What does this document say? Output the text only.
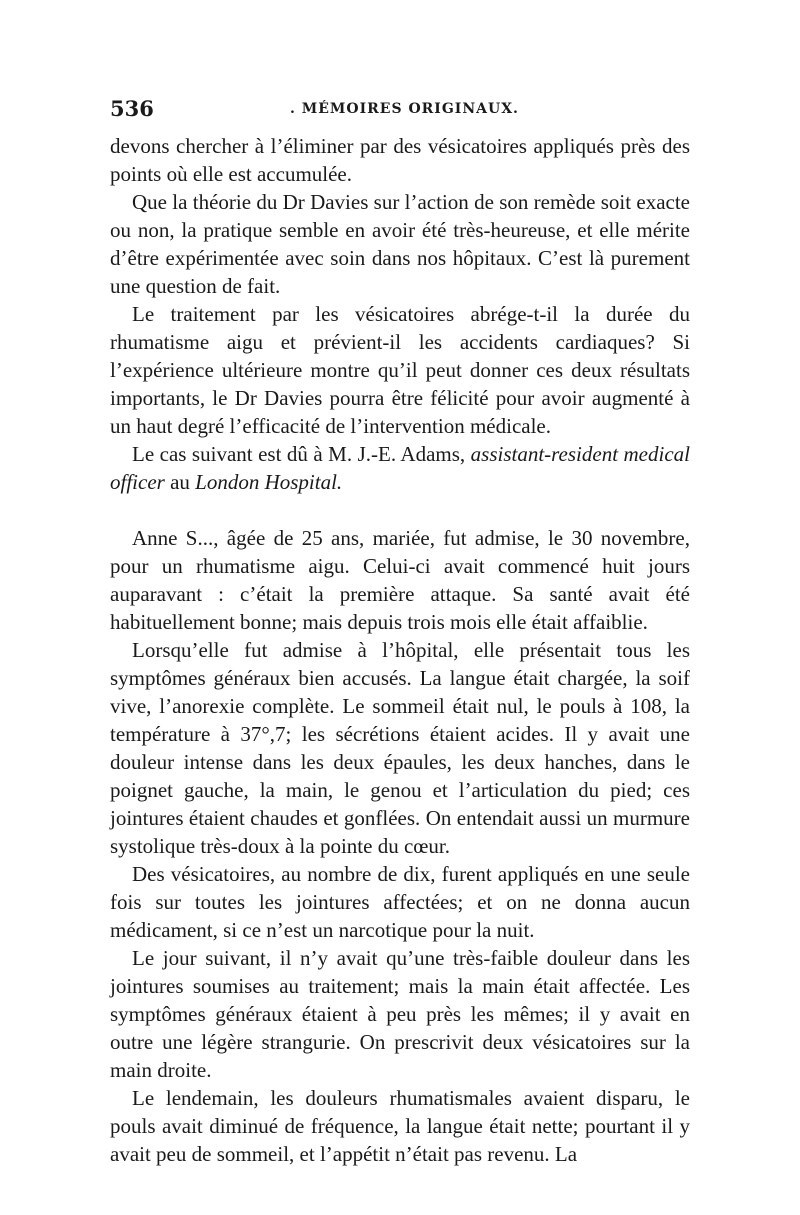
536	. MÉMOIRES ORIGINAUX.

devons chercher à l’éliminer par des vésicatoires appliqués près des points où elle est accumulée.

Que la théorie du Dr Davies sur l’action de son remède soit exacte ou non, la pratique semble en avoir été très-heureuse, et elle mérite d’être expérimentée avec soin dans nos hôpitaux. C’est là purement une question de fait.

Le traitement par les vésicatoires abrége-t-il la durée du rhumatisme aigu et prévient-il les accidents cardiaques? Si l’expérience ultérieure montre qu’il peut donner ces deux résultats importants, le Dr Davies pourra être félicité pour avoir augmenté à un haut degré l’efficacité de l’intervention médicale.

Le cas suivant est dû à M. J.-E. Adams, assistant-resident medical officer au London Hospital.

Anne S..., âgée de 25 ans, mariée, fut admise, le 30 novembre, pour un rhumatisme aigu. Celui-ci avait commencé huit jours auparavant : c’était la première attaque. Sa santé avait été habituellement bonne; mais depuis trois mois elle était affaiblie.

Lorsqu’elle fut admise à l’hôpital, elle présentait tous les symptômes généraux bien accusés. La langue était chargée, la soif vive, l’anorexie complète. Le sommeil était nul, le pouls à 108, la température à 37°,7; les sécrétions étaient acides. Il y avait une douleur intense dans les deux épaules, les deux hanches, dans le poignet gauche, la main, le genou et l’articulation du pied; ces jointures étaient chaudes et gonflées. On entendait aussi un murmure systolique très-doux à la pointe du cœur.

Des vésicatoires, au nombre de dix, furent appliqués en une seule fois sur toutes les jointures affectées; et on ne donna aucun médicament, si ce n’est un narcotique pour la nuit.

Le jour suivant, il n’y avait qu’une très-faible douleur dans les jointures soumises au traitement; mais la main était affectée. Les symptômes généraux étaient à peu près les mêmes; il y avait en outre une légère strangurie. On prescrivit deux vésicatoires sur la main droite.

Le lendemain, les douleurs rhumatismales avaient disparu, le pouls avait diminué de fréquence, la langue était nette; pourtant il y avait peu de sommeil, et l’appétit n’était pas revenu. La
